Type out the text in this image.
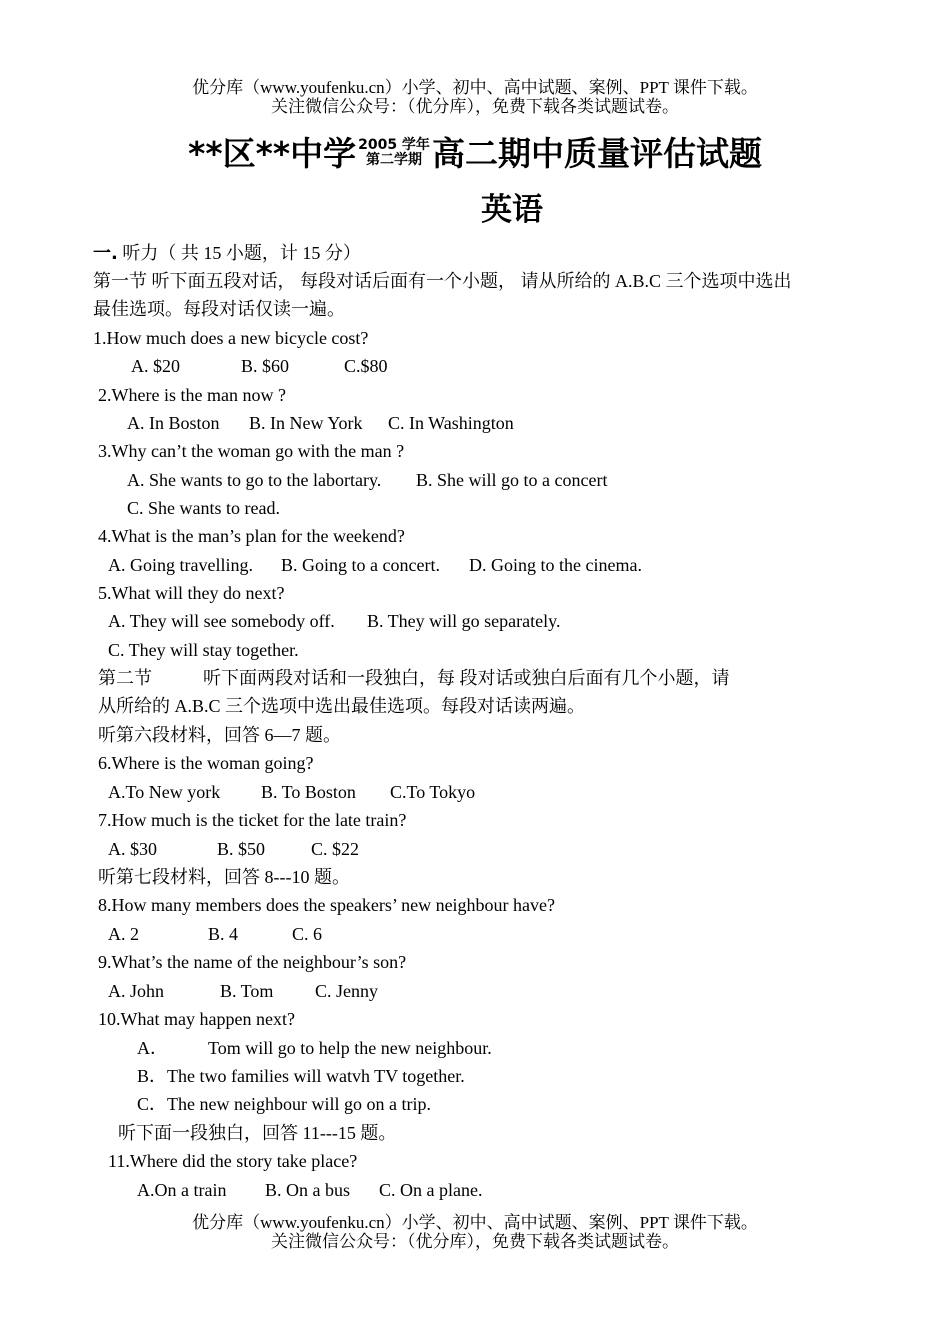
优分库（www.youfenku.cn）小学、初中、高中试题、案例、PPT 课件下载。
关注微信公众号：（优分库），免费下载各类试题试卷。
**区**中学 2005 学年
第二学期 高二期中质量评估试题
英语
一. 听力（ 共 15 小题，计 15 分）
第一节 听下面五段对话， 每段对话后面有一个小题， 请从所给的 A.B.C 三个选项中选出
最佳选项。每段对话仅读一遍。
1.How much does a new bicycle cost?
A. $20	B. $60	C.$80
2.Where is the man now ?
A. In Boston B. In New York C. In Washington
3.Why can’t the woman go with the man ?
A. She wants to go to the labortary. B. She will go to a concert
C. She wants to read.
4.What is the man’s plan for the weekend?
A. Going travelling. B. Going to a concert. D. Going to the cinema.
5.What will they do next?
A. They will see somebody off. B. They will go separately.
C. They will stay together.
第二节	听下面两段对话和一段独白，每 段对话或独白后面有几个小题，请
从所给的 A.B.C 三个选项中选出最佳选项。每段对话读两遍。
听第六段材料，回答 6—7 题。
6.Where is the woman going?
A.To New york B. To Boston C.To Tokyo
7.How much is the ticket for the late train?
A. $30	B. $50	C. $22
听第七段材料，回答 8---10 题。
8.How many members does the speakers’ new neighbour have?
A. 2	B. 4	C. 6
9.What’s the name of the neighbour’s son?
A. John	B. Tom C. Jenny
10.What may happen next?
A． Tom will go to help the new neighbour.
B．The two families will watvh TV together.
C．The new neighbour will go on a trip.
听下面一段独白，回答 11---15 题。
11.Where did the story take place?
A.On a train B. On a bus C. On a plane.
优分库（www.youfenku.cn）小学、初中、高中试题、案例、PPT 课件下载。
关注微信公众号：（优分库），免费下载各类试题试卷。
